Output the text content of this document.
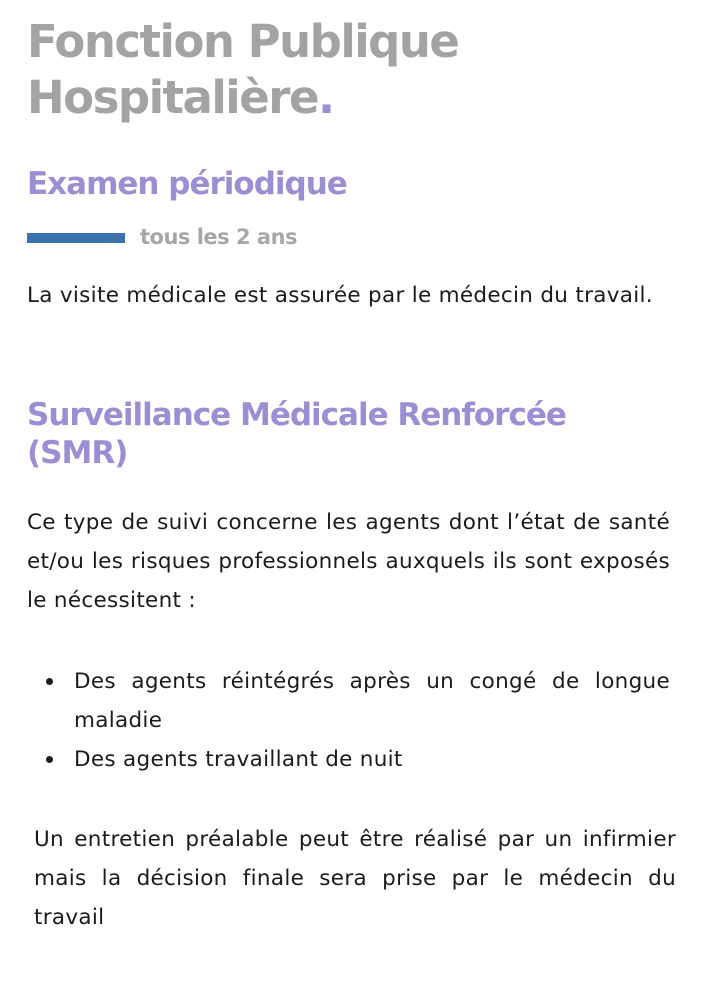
Fonction Publique
Hospitalière.
Examen périodique
tous les 2 ans

La visite médicale est assurée par le médecin du travail.

Surveillance Médicale Renforcée
(SMR)

Ce type de suivi concerne les agents dont l’état de santé et/ou les risques professionnels auxquels ils sont exposés le nécessitent :

Des agents réintégrés après un congé de longue maladie
Des agents travaillant de nuit

Un entretien préalable peut être réalisé par un infirmier mais la décision finale sera prise par le médecin du travail
